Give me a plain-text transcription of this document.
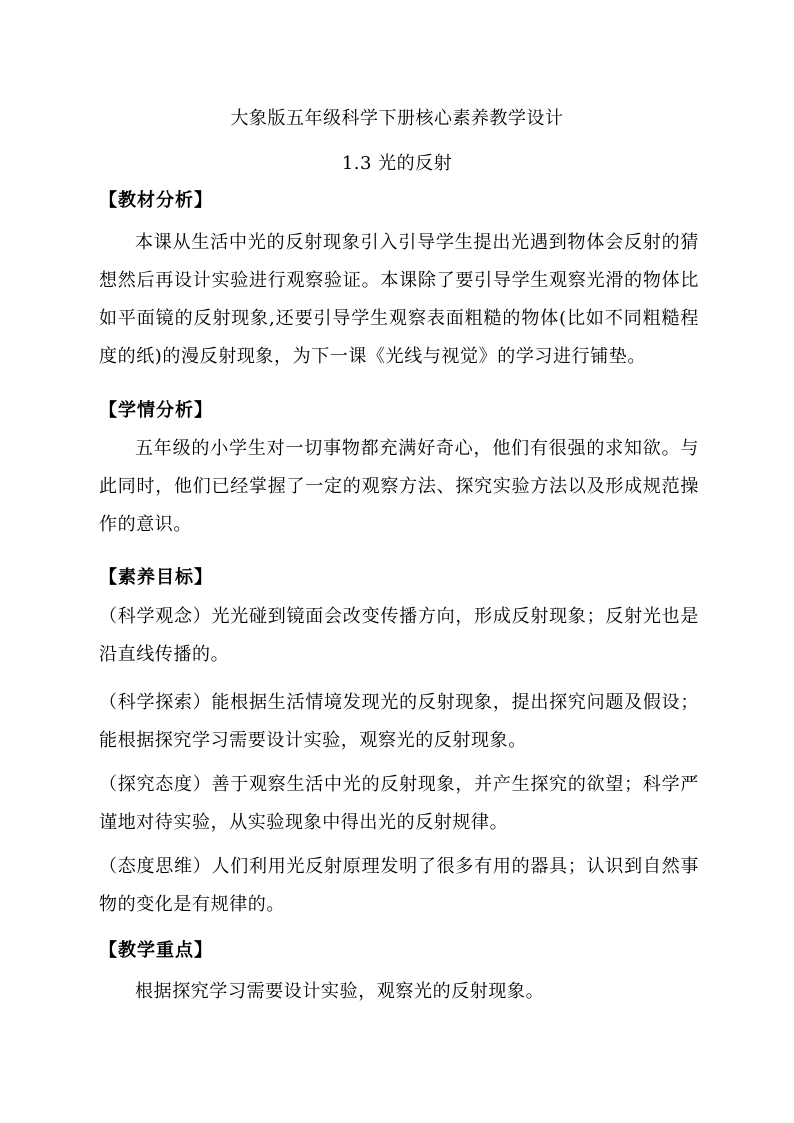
大象版五年级科学下册核心素养教学设计
1.3 光的反射
【教材分析】
本课从生活中光的反射现象引入引导学生提出光遇到物体会反射的猜想然后再设计实验进行观察验证。本课除了要引导学生观察光滑的物体比如平面镜的反射现象,还要引导学生观察表面粗糙的物体(比如不同粗糙程度的纸)的漫反射现象，为下一课《光线与视觉》的学习进行铺垫。
【学情分析】
五年级的小学生对一切事物都充满好奇心，他们有很强的求知欲。与此同时，他们已经掌握了一定的观察方法、探究实验方法以及形成规范操作的意识。
【素养目标】
（科学观念）光光碰到镜面会改变传播方向，形成反射现象；反射光也是沿直线传播的。
（科学探索）能根据生活情境发现光的反射现象，提出探究问题及假设；能根据探究学习需要设计实验，观察光的反射现象。
（探究态度）善于观察生活中光的反射现象，并产生探究的欲望；科学严谨地对待实验，从实验现象中得出光的反射规律。
（态度思维）人们利用光反射原理发明了很多有用的器具；认识到自然事物的变化是有规律的。
【教学重点】
根据探究学习需要设计实验，观察光的反射现象。
